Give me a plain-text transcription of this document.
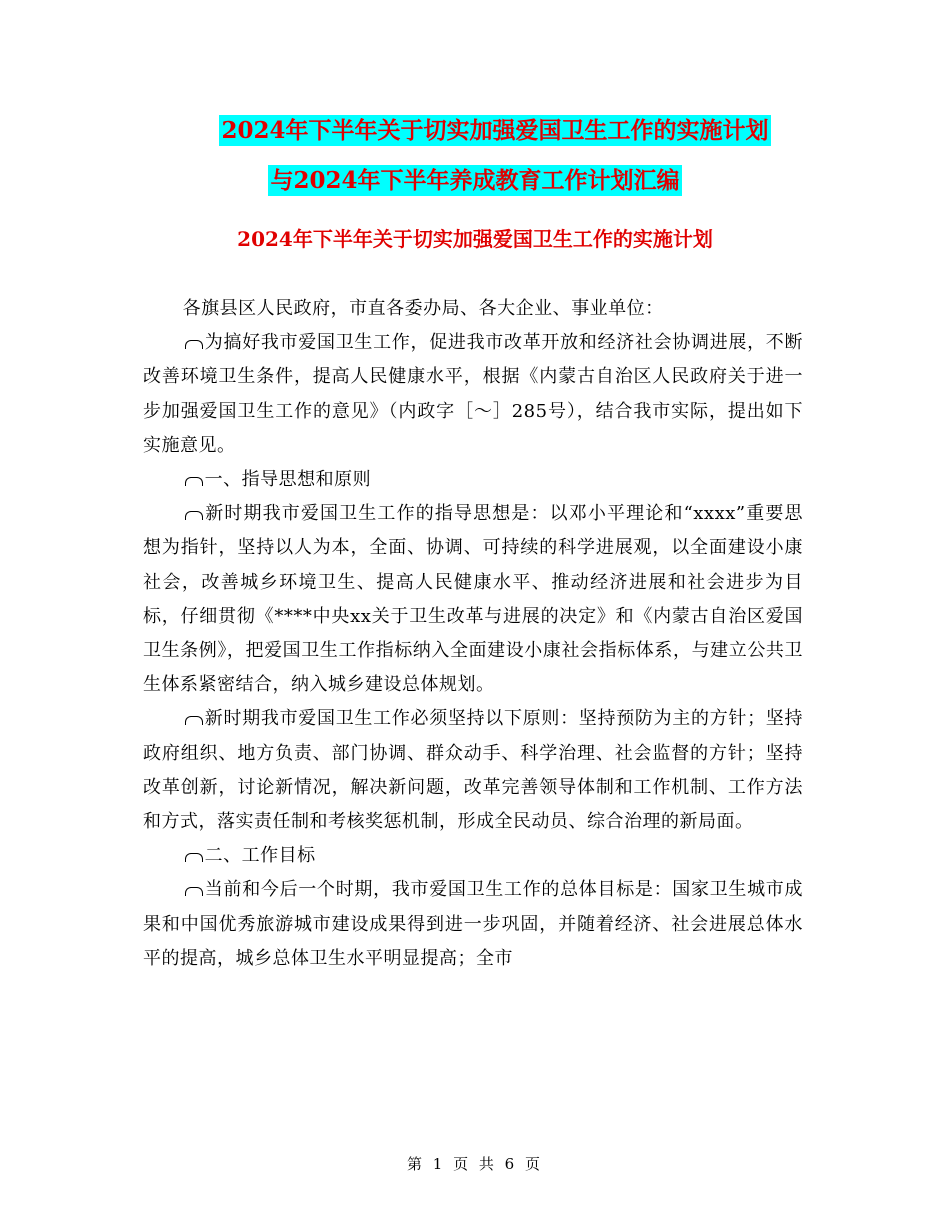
2024年下半年关于切实加强爱国卫生工作的实施计划
与2024年下半年养成教育工作计划汇编
2024年下半年关于切实加强爱国卫生工作的实施计划

各旗县区人民政府，市直各委办局、各大企业、事业单位：

为搞好我市爱国卫生工作，促进我市改革开放和经济社会协调进展，不断改善环境卫生条件，提高人民健康水平，根据《内蒙古自治区人民政府关于进一步加强爱国卫生工作的意见》（内政字［～］285号），结合我市实际，提出如下实施意见。

一、指导思想和原则

新时期我市爱国卫生工作的指导思想是：以邓小平理论和“xxxx”重要思想为指针，坚持以人为本，全面、协调、可持续的科学进展观，以全面建设小康社会，改善城乡环境卫生、提高人民健康水平、推动经济进展和社会进步为目标，仔细贯彻《****中央xx关于卫生改革与进展的决定》和《内蒙古自治区爱国卫生条例》，把爱国卫生工作指标纳入全面建设小康社会指标体系，与建立公共卫生体系紧密结合，纳入城乡建设总体规划。

新时期我市爱国卫生工作必须坚持以下原则：坚持预防为主的方针；坚持政府组织、地方负责、部门协调、群众动手、科学治理、社会监督的方针；坚持改革创新，讨论新情况，解决新问题，改革完善领导体制和工作机制、工作方法和方式，落实责任制和考核奖惩机制，形成全民动员、综合治理的新局面。

二、工作目标

当前和今后一个时期，我市爱国卫生工作的总体目标是：国家卫生城市成果和中国优秀旅游城市建设成果得到进一步巩固，并随着经济、社会进展总体水平的提高，城乡总体卫生水平明显提高；全市

第 1 页 共 6 页
